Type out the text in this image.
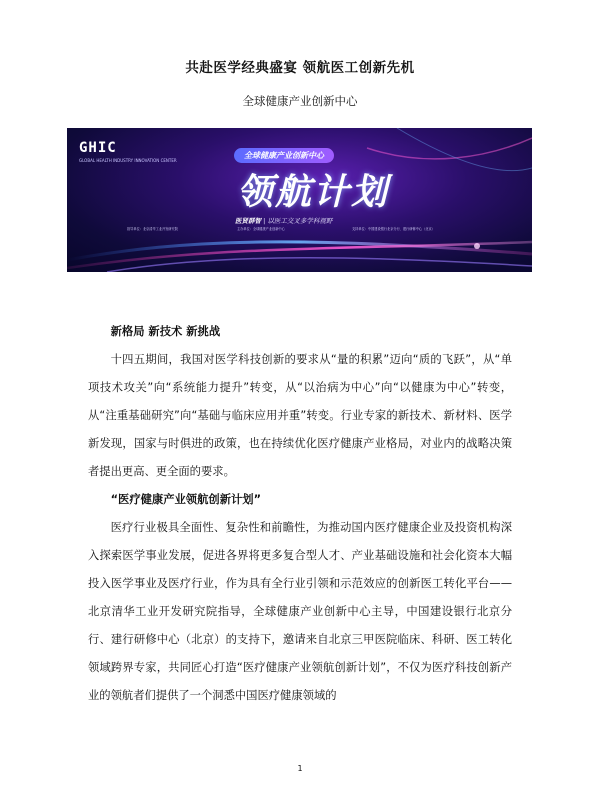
共赴医学经典盛宴 领航医工创新先机
全球健康产业创新中心
GHIC
GLOBAL HEALTH INDUSTRY INNOVATION CENTER
全球健康产业创新中心
领航计划
医贤群智 | 以医工交叉多学科视野
指导单位：北京清华工业开发研究院	主办单位：全球健康产业创新中心	支持单位：中国建设银行北京分行、建行研修中心（北京）

新格局 新技术 新挑战

十四五期间，我国对医学科技创新的要求从“量的积累”迈向“质的飞跃”，从“单项技术攻关”向“系统能力提升”转变，从“以治病为中心”向“以健康为中心”转变，从“注重基础研究”向“基础与临床应用并重”转变。行业专家的新技术、新材料、医学新发现，国家与时俱进的政策，也在持续优化医疗健康产业格局，对业内的战略决策者提出更高、更全面的要求。

“医疗健康产业领航创新计划”

医疗行业极具全面性、复杂性和前瞻性，为推动国内医疗健康企业及投资机构深入探索医学事业发展，促进各界将更多复合型人才、产业基础设施和社会化资本大幅投入医学事业及医疗行业，作为具有全行业引领和示范效应的创新医工转化平台——北京清华工业开发研究院指导，全球健康产业创新中心主导，中国建设银行北京分行、建行研修中心（北京）的支持下，邀请来自北京三甲医院临床、科研、医工转化领域跨界专家，共同匠心打造“医疗健康产业领航创新计划”，不仅为医疗科技创新产业的领航者们提供了一个洞悉中国医疗健康领域的

1
